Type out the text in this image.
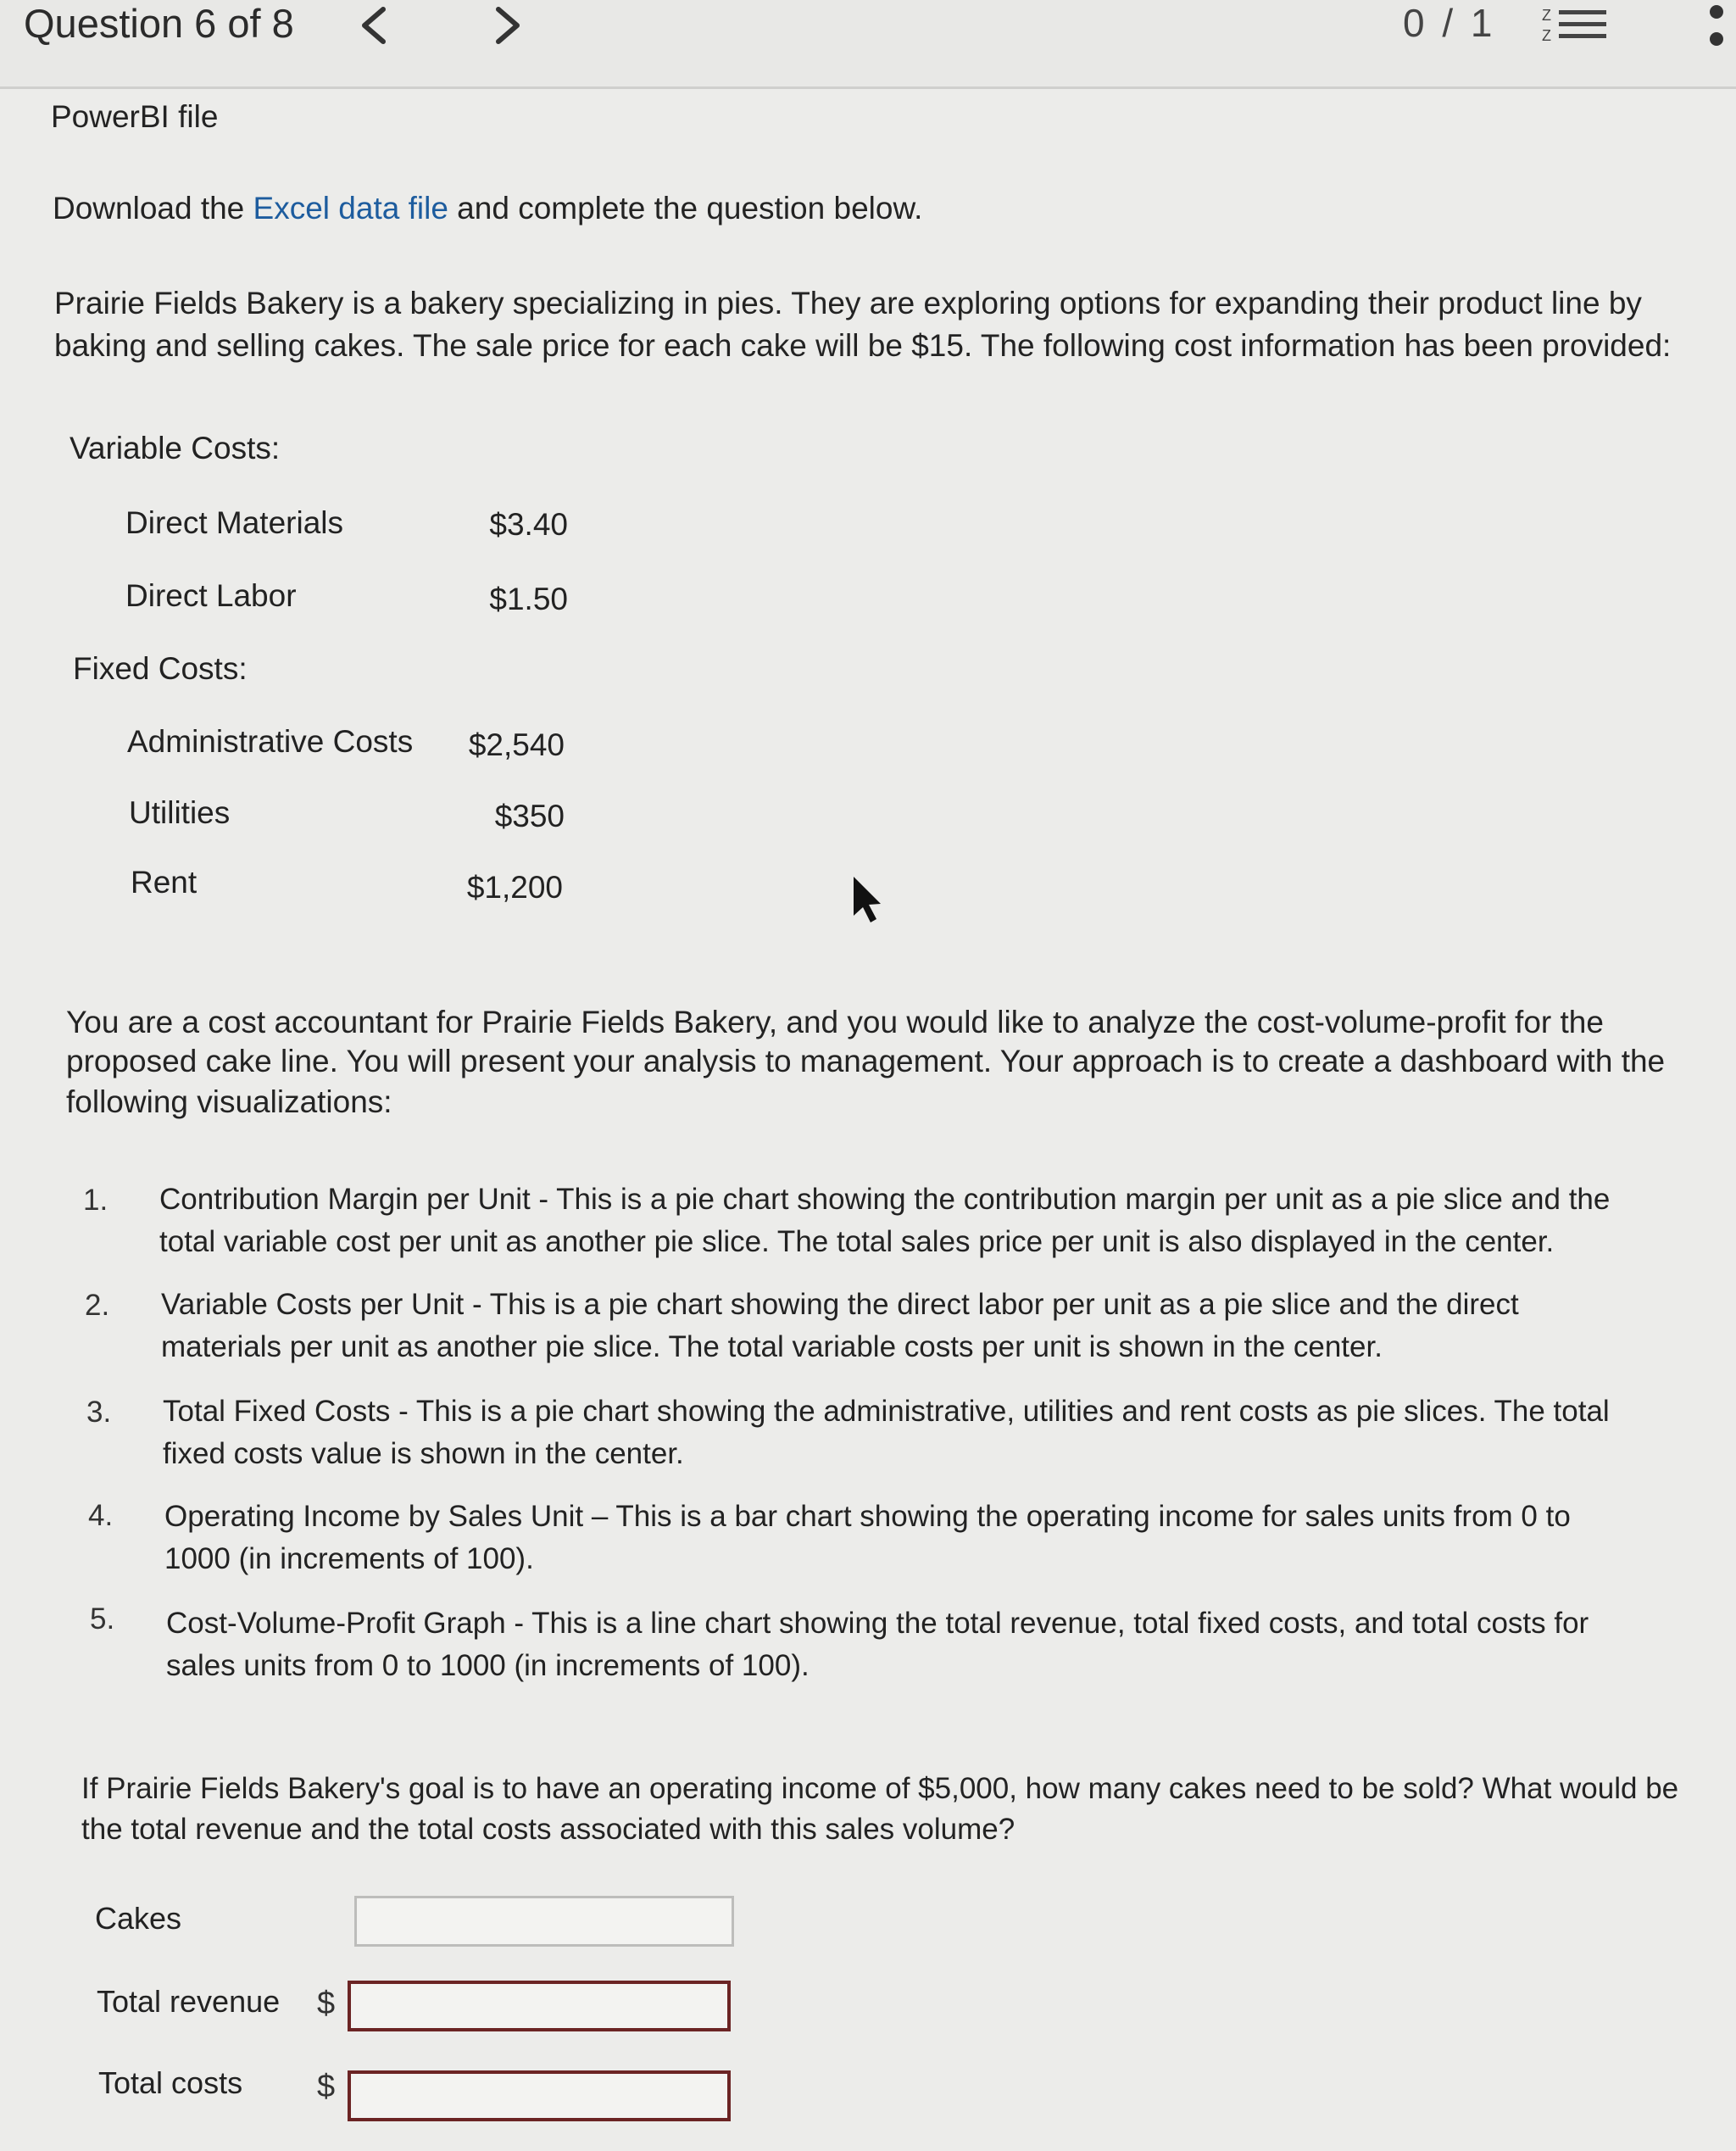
Question 6 of 8	0 / 1	Z
Z
PowerBI file
Download the Excel data file and complete the question below.
Prairie Fields Bakery is a bakery specializing in pies. They are exploring options for expanding their product line by
baking and selling cakes. The sale price for each cake will be $15. The following cost information has been provided:
Variable Costs:
Direct Materials	$3.40
Direct Labor	$1.50
Fixed Costs:
Administrative Costs	$2,540
Utilities	$350
Rent	$1,200
You are a cost accountant for Prairie Fields Bakery, and you would like to analyze the cost-volume-profit for the
proposed cake line. You will present your analysis to management. Your approach is to create a dashboard with the
following visualizations:
1. Contribution Margin per Unit - This is a pie chart showing the contribution margin per unit as a pie slice and the
total variable cost per unit as another pie slice. The total sales price per unit is also displayed in the center.
2. Variable Costs per Unit - This is a pie chart showing the direct labor per unit as a pie slice and the direct
materials per unit as another pie slice. The total variable costs per unit is shown in the center.
3. Total Fixed Costs - This is a pie chart showing the administrative, utilities and rent costs as pie slices. The total
fixed costs value is shown in the center.
4. Operating Income by Sales Unit – This is a bar chart showing the operating income for sales units from 0 to
1000 (in increments of 100).
5. Cost-Volume-Profit Graph - This is a line chart showing the total revenue, total fixed costs, and total costs for
sales units from 0 to 1000 (in increments of 100).
If Prairie Fields Bakery's goal is to have an operating income of $5,000, how many cakes need to be sold? What would be
the total revenue and the total costs associated with this sales volume?
Cakes
Total revenue $
Total costs $
